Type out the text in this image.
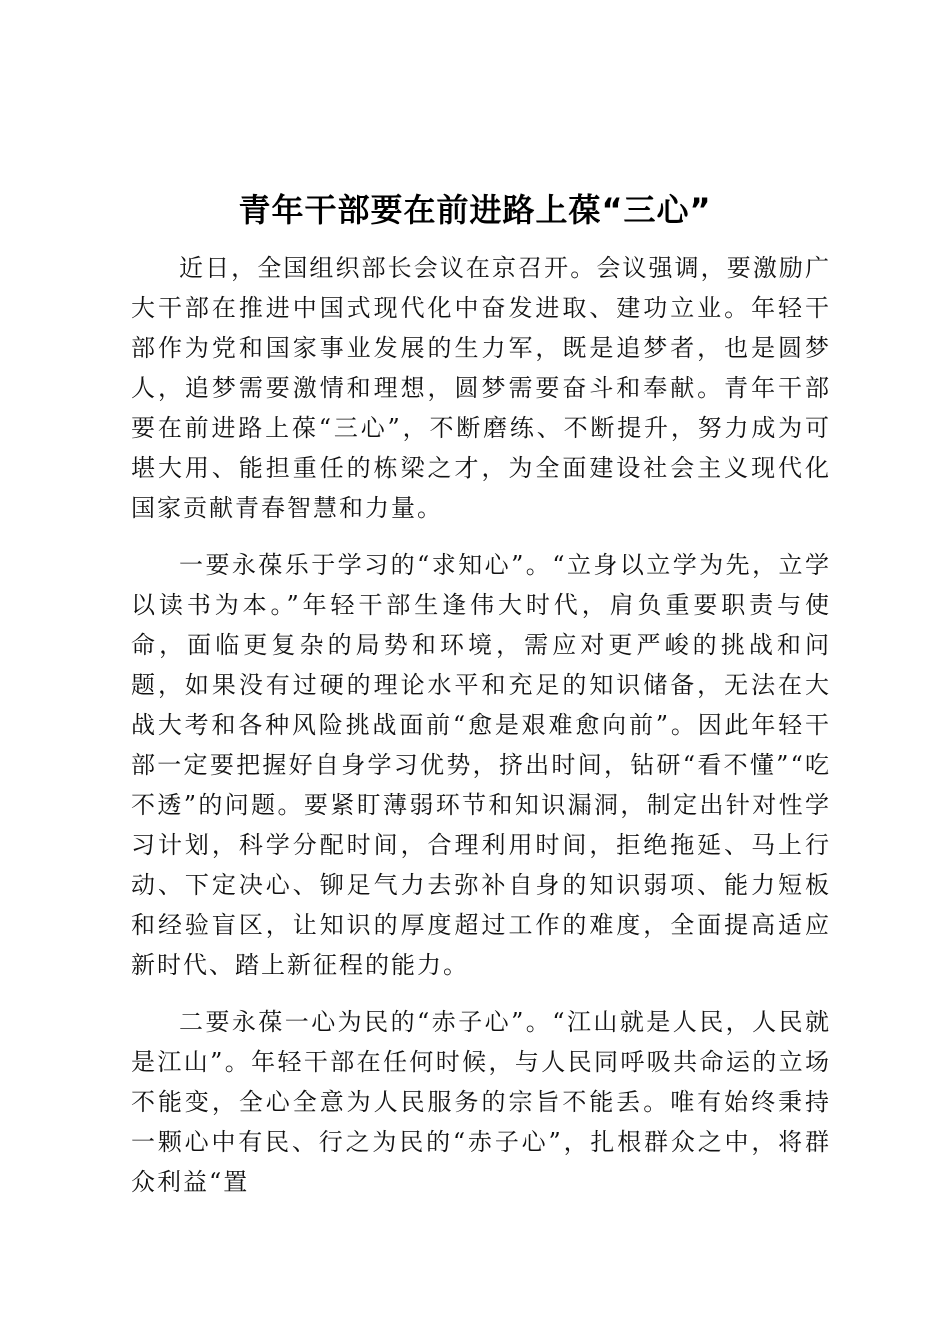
青年干部要在前进路上葆“三心”

近日，全国组织部长会议在京召开。会议强调，要激励广大干部在推进中国式现代化中奋发进取、建功立业。年轻干部作为党和国家事业发展的生力军，既是追梦者，也是圆梦人，追梦需要激情和理想，圆梦需要奋斗和奉献。青年干部要在前进路上葆“三心”，不断磨练、不断提升，努力成为可堪大用、能担重任的栋梁之才，为全面建设社会主义现代化国家贡献青春智慧和力量。

一要永葆乐于学习的“求知心”。“立身以立学为先，立学以读书为本。”年轻干部生逢伟大时代，肩负重要职责与使命，面临更复杂的局势和环境，需应对更严峻的挑战和问题，如果没有过硬的理论水平和充足的知识储备，无法在大战大考和各种风险挑战面前“愈是艰难愈向前”。因此年轻干部一定要把握好自身学习优势，挤出时间，钻研“看不懂”“吃不透”的问题。要紧盯薄弱环节和知识漏洞，制定出针对性学习计划，科学分配时间，合理利用时间，拒绝拖延、马上行动、下定决心、铆足气力去弥补自身的知识弱项、能力短板和经验盲区，让知识的厚度超过工作的难度，全面提高适应新时代、踏上新征程的能力。

二要永葆一心为民的“赤子心”。“江山就是人民，人民就是江山”。年轻干部在任何时候，与人民同呼吸共命运的立场不能变，全心全意为人民服务的宗旨不能丢。唯有始终秉持一颗心中有民、行之为民的“赤子心”，扎根群众之中，将群众利益“置
